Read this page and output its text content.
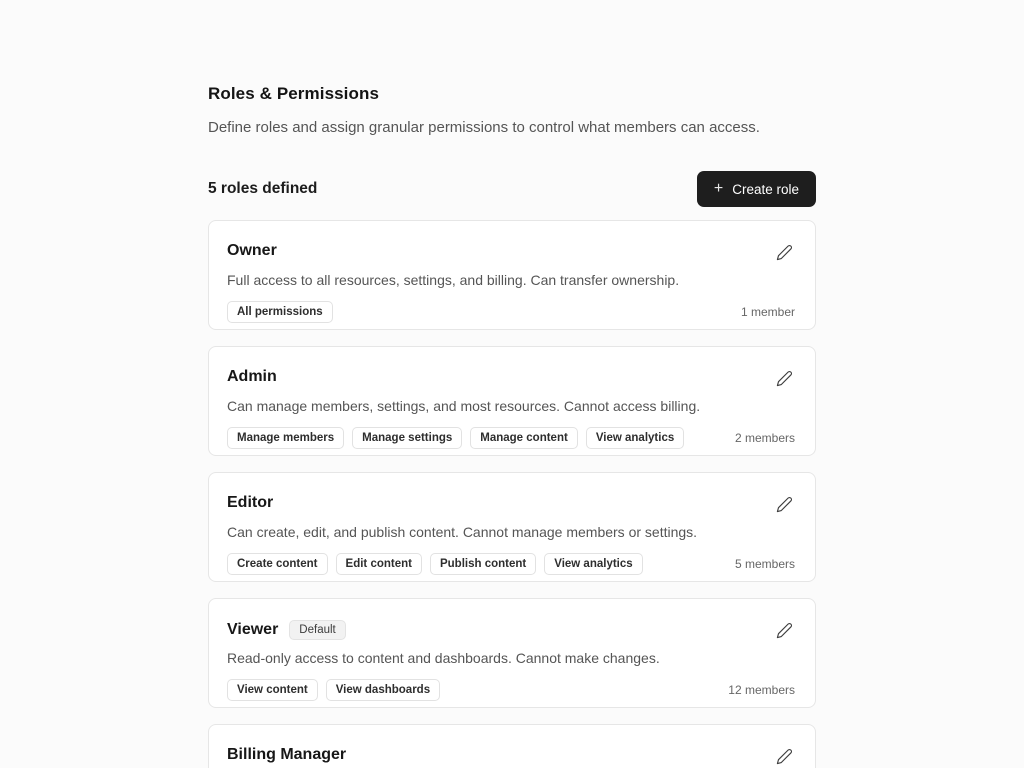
Roles & Permissions

Define roles and assign granular permissions to control what members can access.

5 roles defined	+ Create role
Owner

Full access to all resources, settings, and billing. Can transfer ownership.

All permissions	1 member
Admin

Can manage members, settings, and most resources. Cannot access billing.

Manage members	Manage settings	Manage content	View analytics	2 members
Editor

Can create, edit, and publish content. Cannot manage members or settings.

Create content	Edit content	Publish content	View analytics	5 members
Viewer	Default

Read-only access to content and dashboards. Cannot make changes.

View content	View dashboards	12 members
Billing Manager
